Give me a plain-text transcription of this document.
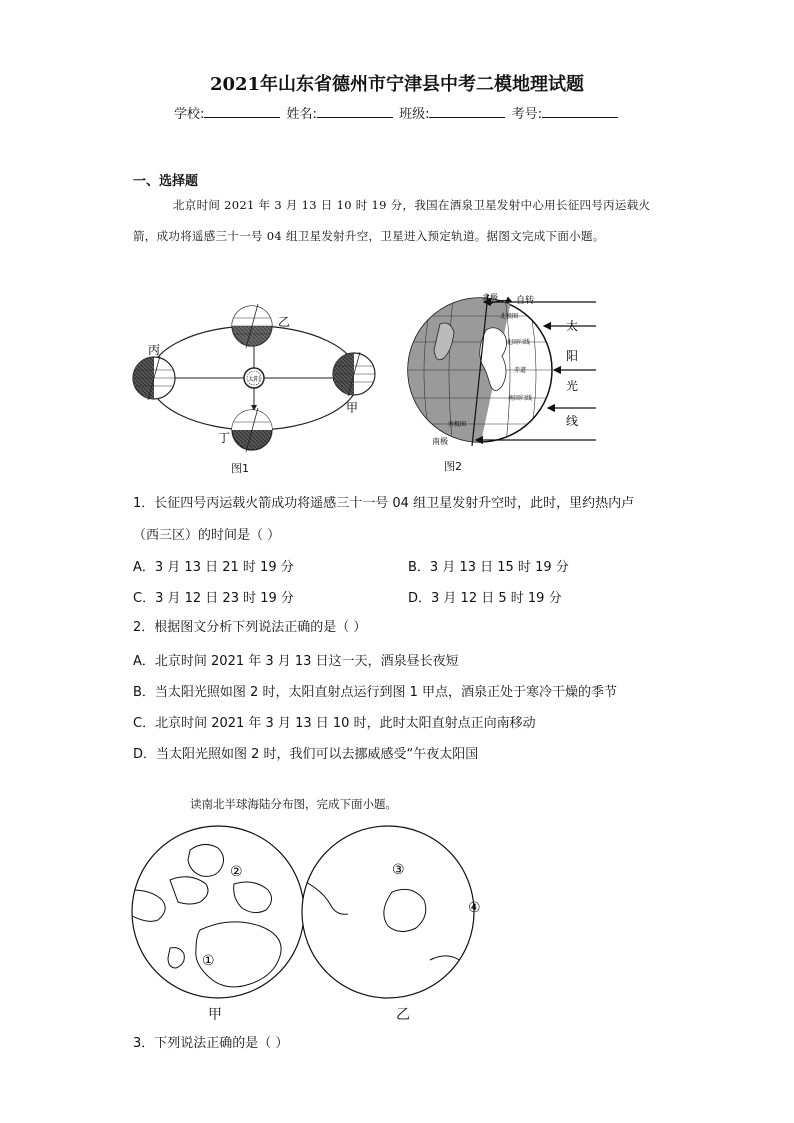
2021年山东省德州市宁津县中考二模地理试题
学校:	姓名:	班级:	考号:
一、选择题
北京时间 2021 年 3 月 13 日 10 时 19 分，我国在酒泉卫星发射中心用长征四号丙运载火箭，成功将遥感三十一号 04 组卫星发射升空，卫星进入预定轨道。据图文完成下面小题。
太阳
乙
丁
丙
甲
图1
北极
南极
自转
太
阳
光
线
北极圈
北回归线
赤道
南回归线
南极圈
图2
1．长征四号丙运载火箭成功将遥感三十一号 04 组卫星发射升空时，此时，里约热内卢
（西三区）的时间是（ ）
A．3 月 13 日 21 时 19 分	B．3 月 13 日 15 时 19 分
C．3 月 12 日 23 时 19 分	D．3 月 12 日 5 时 19 分
2．根据图文分析下列说法正确的是（ ）
A．北京时间 2021 年 3 月 13 日这一天，酒泉昼长夜短
B．当太阳光照如图 2 时，太阳直射点运行到图 1 甲点，酒泉正处于寒冷干燥的季节
C．北京时间 2021 年 3 月 13 日 10 时，此时太阳直射点正向南移动
D．当太阳光照如图 2 时，我们可以去挪威感受“午夜太阳国
读南北半球海陆分布图，完成下面小题。
②
①
③
④
甲	乙
3．下列说法正确的是（ ）
